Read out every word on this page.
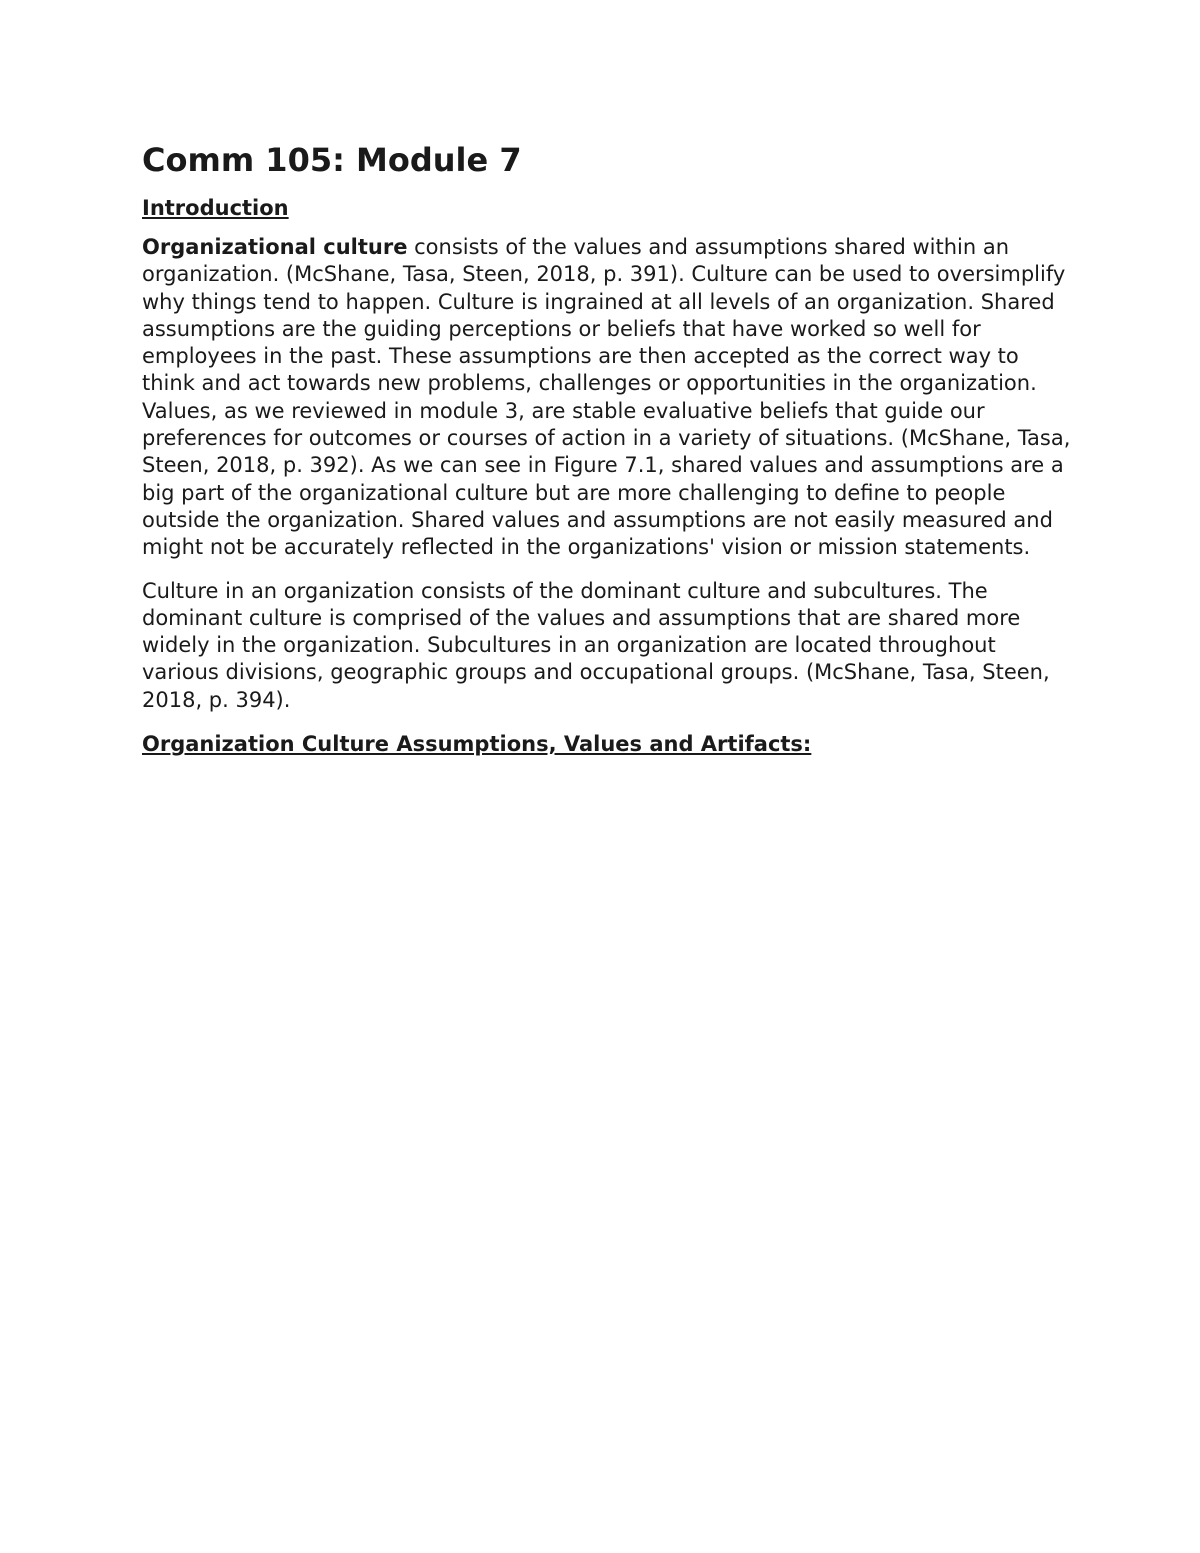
Comm 105: Module 7
Introduction

Organizational culture consists of the values and assumptions shared within an organization. (McShane, Tasa, Steen, 2018, p. 391). Culture can be used to oversimplify why things tend to happen. Culture is ingrained at all levels of an organization. Shared assumptions are the guiding perceptions or beliefs that have worked so well for employees in the past. These assumptions are then accepted as the correct way to think and act towards new problems, challenges or opportunities in the organization. Values, as we reviewed in module 3, are stable evaluative beliefs that guide our preferences for outcomes or courses of action in a variety of situations. (McShane, Tasa, Steen, 2018, p. 392). As we can see in Figure 7.1, shared values and assumptions are a big part of the organizational culture but are more challenging to define to people outside the organization. Shared values and assumptions are not easily measured and might not be accurately reflected in the organizations' vision or mission statements.

Culture in an organization consists of the dominant culture and subcultures. The dominant culture is comprised of the values and assumptions that are shared more widely in the organization. Subcultures in an organization are located throughout various divisions, geographic groups and occupational groups. (McShane, Tasa, Steen, 2018, p. 394).

Organization Culture Assumptions, Values and Artifacts:
